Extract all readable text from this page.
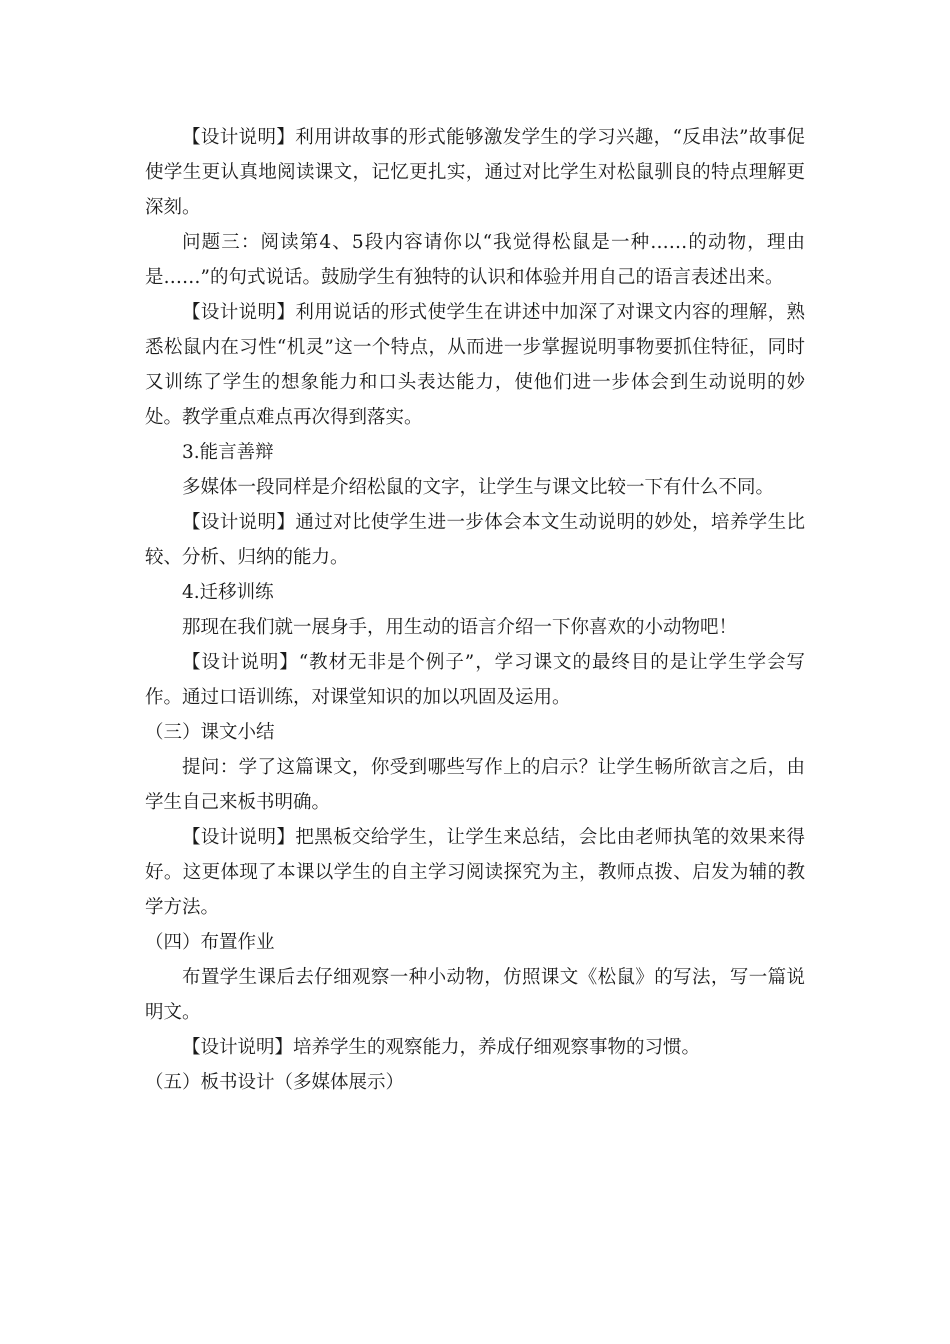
【设计说明】利用讲故事的形式能够激发学生的学习兴趣，“反串法”故事促使学生更认真地阅读课文，记忆更扎实，通过对比学生对松鼠驯良的特点理解更深刻。

问题三：阅读第4、5段内容请你以“我觉得松鼠是一种……的动物，理由是……”的句式说话。鼓励学生有独特的认识和体验并用自己的语言表述出来。

【设计说明】利用说话的形式使学生在讲述中加深了对课文内容的理解，熟悉松鼠内在习性“机灵”这一个特点，从而进一步掌握说明事物要抓住特征，同时又训练了学生的想象能力和口头表达能力，使他们进一步体会到生动说明的妙处。教学重点难点再次得到落实。

3.能言善辩

多媒体一段同样是介绍松鼠的文字，让学生与课文比较一下有什么不同。

【设计说明】通过对比使学生进一步体会本文生动说明的妙处，培养学生比较、分析、归纳的能力。

4.迁移训练

那现在我们就一展身手，用生动的语言介绍一下你喜欢的小动物吧！

【设计说明】“教材无非是个例子”，学习课文的最终目的是让学生学会写作。通过口语训练，对课堂知识的加以巩固及运用。

（三）课文小结

提问：学了这篇课文，你受到哪些写作上的启示？让学生畅所欲言之后，由学生自己来板书明确。

【设计说明】把黑板交给学生，让学生来总结，会比由老师执笔的效果来得好。这更体现了本课以学生的自主学习阅读探究为主，教师点拨、启发为辅的教学方法。

（四）布置作业

布置学生课后去仔细观察一种小动物，仿照课文《松鼠》的写法，写一篇说明文。

【设计说明】培养学生的观察能力，养成仔细观察事物的习惯。

（五）板书设计（多媒体展示）
